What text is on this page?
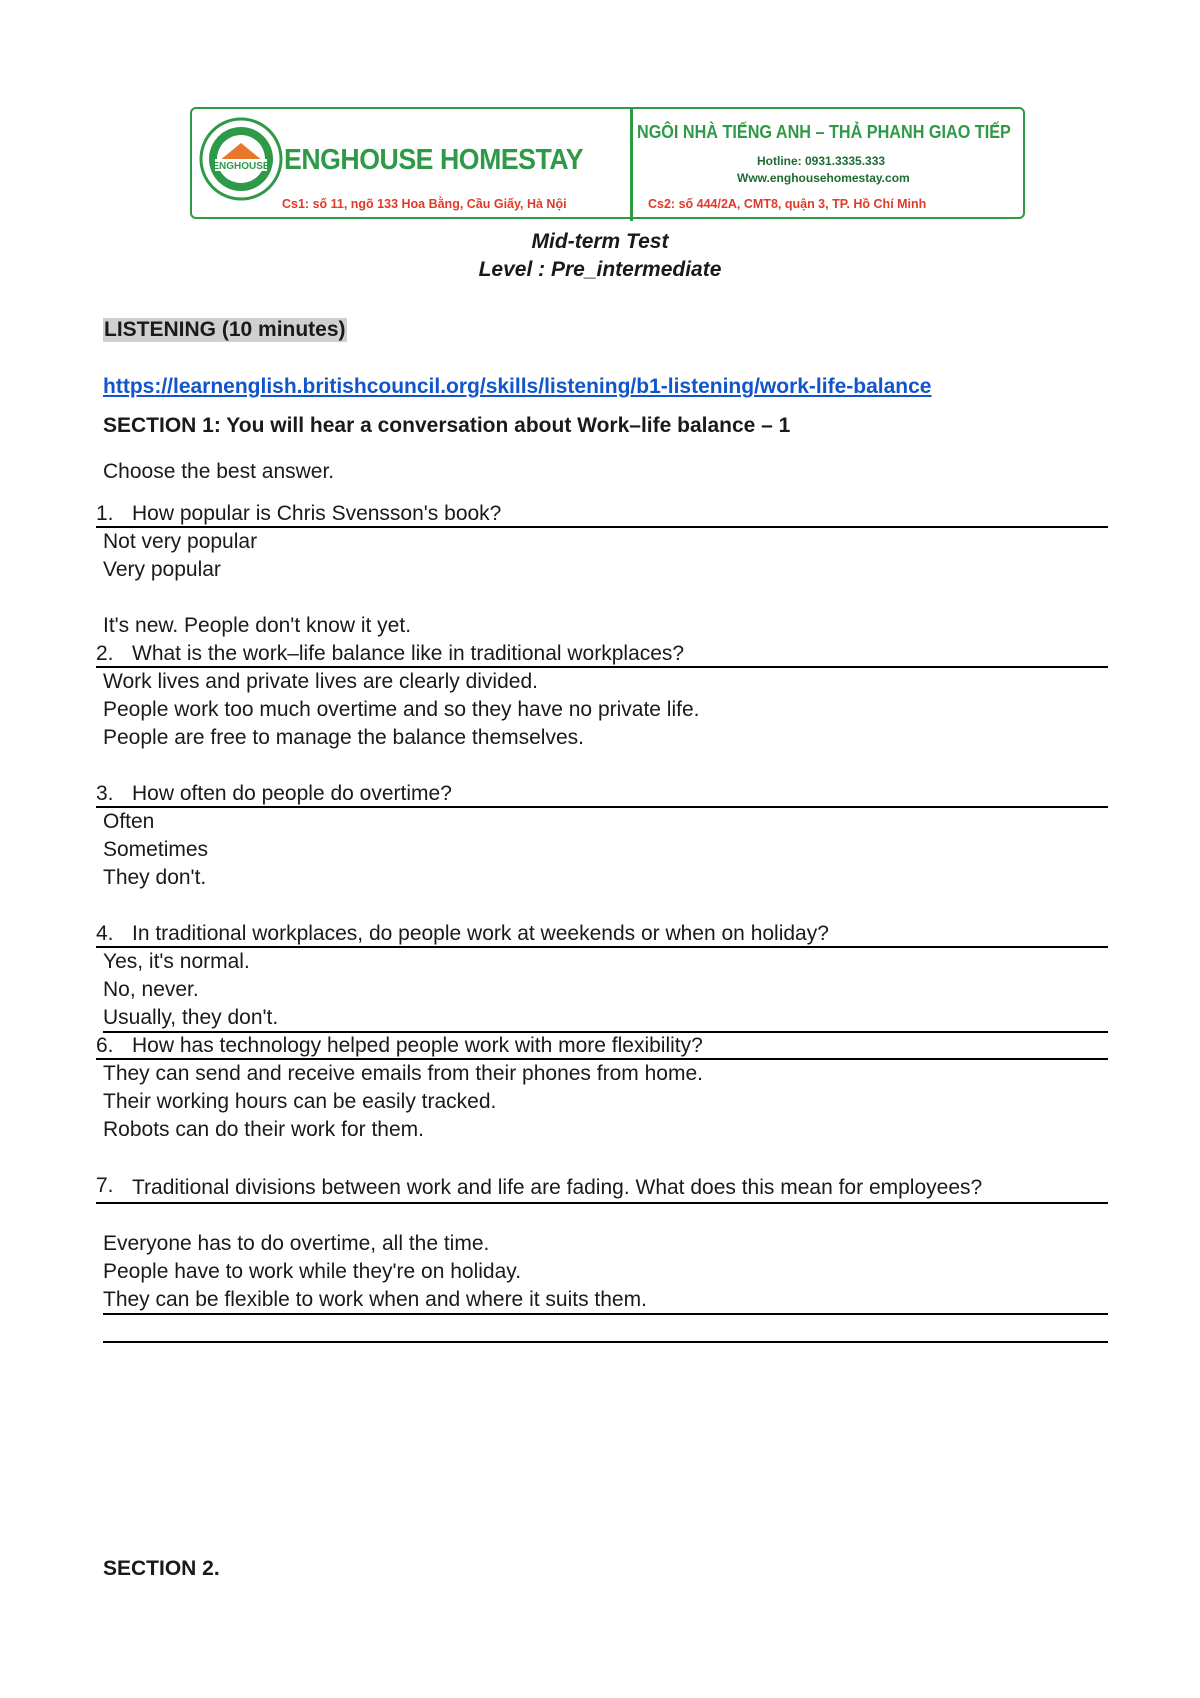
ENGHOUSE ENGHOUSE HOMESTAY
Cs1: số 11, ngõ 133 Hoa Bằng, Cầu Giấy, Hà Nội
NGÔI NHÀ TIẾNG ANH – THẢ PHANH GIAO TIẾP
Hotline: 0931.3335.333
Www.enghousehomestay.com
Cs2: số 444/2A, CMT8, quận 3, TP. Hồ Chí Minh
Mid-term Test
Level : Pre_intermediate
LISTENING (10 minutes)
https://learnenglish.britishcouncil.org/skills/listening/b1-listening/work-life-balance
SECTION 1: You will hear a conversation about Work–life balance – 1
Choose the best answer.
1. How popular is Chris Svensson's book?
Not very popular
Very popular
It's new. People don't know it yet.
2. What is the work–life balance like in traditional workplaces?
Work lives and private lives are clearly divided.
People work too much overtime and so they have no private life.
People are free to manage the balance themselves.
3. How often do people do overtime?
Often
Sometimes
They don't.
4. In traditional workplaces, do people work at weekends or when on holiday?
Yes, it's normal.
No, never.
Usually, they don't.
6. How has technology helped people work with more flexibility?
They can send and receive emails from their phones from home.
Their working hours can be easily tracked.
Robots can do their work for them.
7. Traditional divisions between work and life are fading. What does this mean for employees?
Everyone has to do overtime, all the time.
People have to work while they're on holiday.
They can be flexible to work when and where it suits them.
SECTION 2.
